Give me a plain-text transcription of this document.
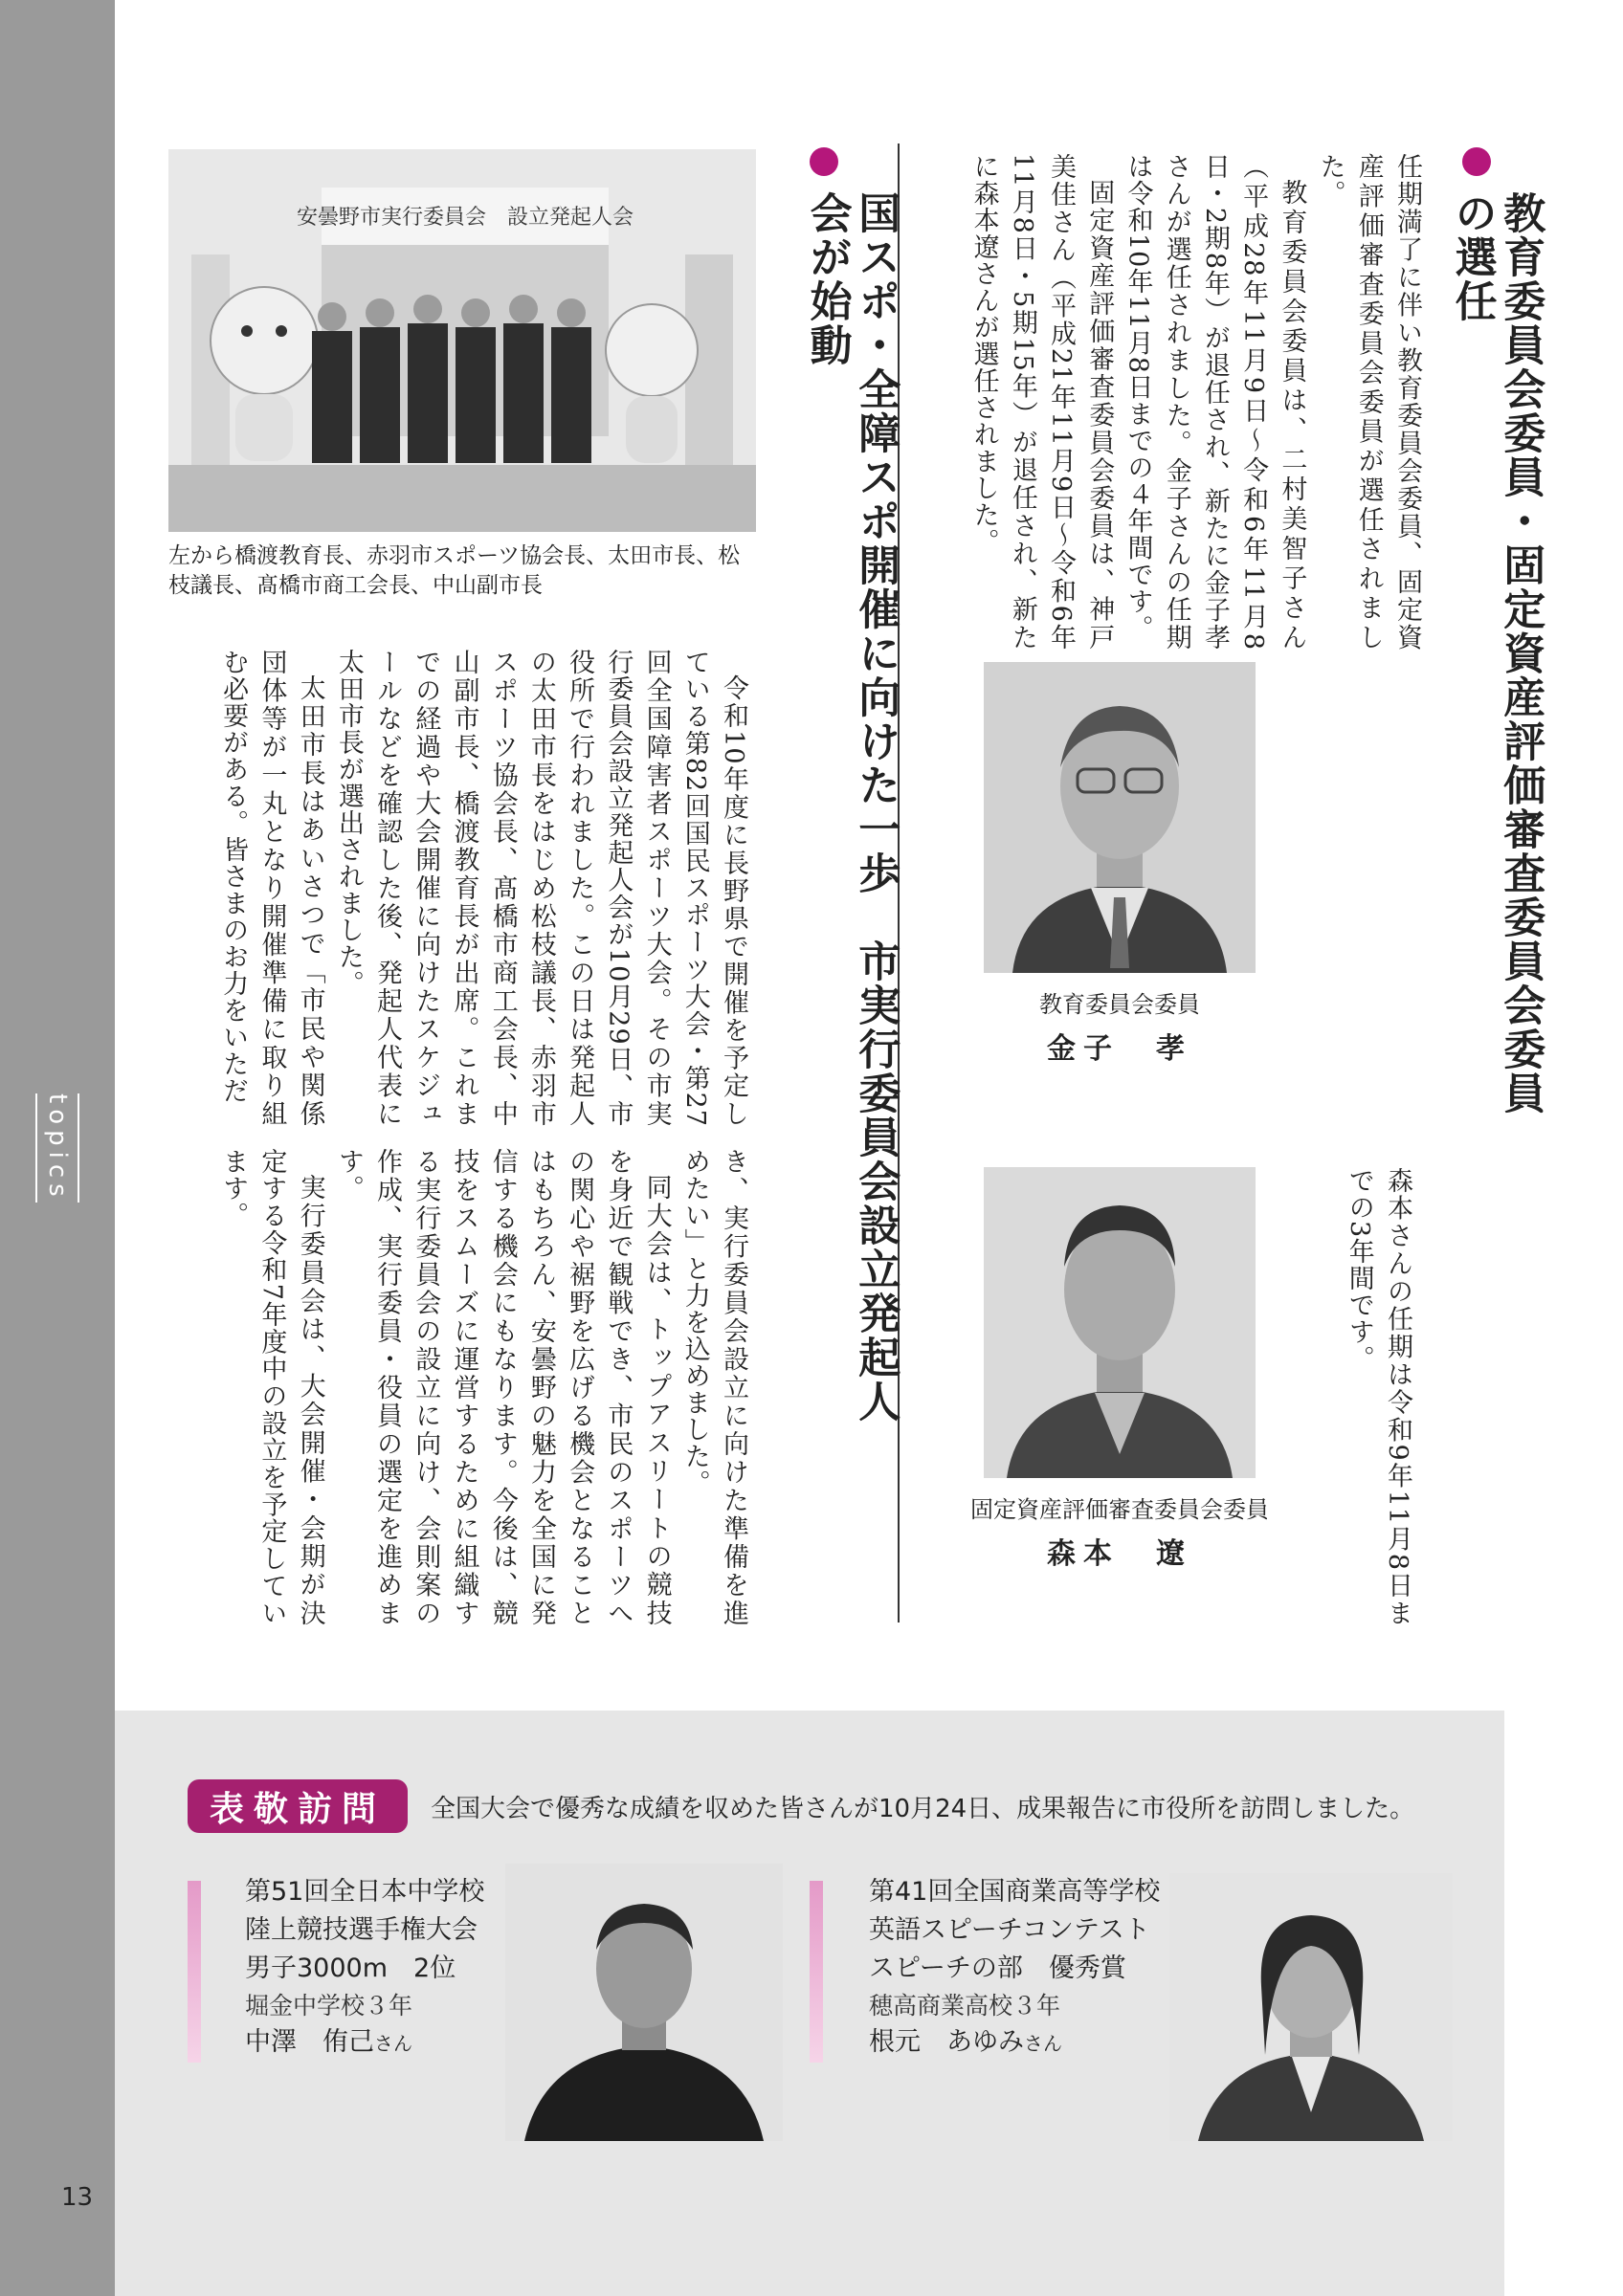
topics
13
教育委員会委員・固定資産評価審査委員会委員の選任

任期満了に伴い教育委員会委員、固定資産評価審査委員会委員が選任されました。

教育委員会委員は、二村美智子さん（平成28年11月9日〜令和6年11月8日・2期8年）が退任され、新たに金子孝さんが選任されました。金子さんの任期は令和10年11月8日までの４年間です。

固定資産評価審査委員会委員は、神戸美佳さん（平成21年11月9日〜令和6年11月8日・5期15年）が退任され、新たに森本遼さんが選任されました。

森本さんの任期は令和9年11月8日までの3年間です。

教育委員会委員
金子　孝
固定資産評価審査委員会委員
森本　遼
国スポ・全障スポ開催に向けた一歩　市実行委員会設立発起人会が始動
安曇野市実行委員会　設立発起人会
左から橋渡教育長、赤羽市スポーツ協会長、太田市長、松枝議長、髙橋市商工会長、中山副市長

令和10年度に長野県で開催を予定している第82回国民スポーツ大会・第27回全国障害者スポーツ大会。その市実行委員会設立発起人会が10月29日、市役所で行われました。この日は発起人の太田市長をはじめ松枝議長、赤羽市スポーツ協会長、髙橋市商工会長、中山副市長、橋渡教育長が出席。これまでの経過や大会開催に向けたスケジュールなどを確認した後、発起人代表に太田市長が選出されました。

太田市長はあいさつで「市民や関係団体等が一丸となり開催準備に取り組む必要がある。皆さまのお力をいただ

き、実行委員会設立に向けた準備を進めたい」と力を込めました。

同大会は、トップアスリートの競技を身近で観戦でき、市民のスポーツへの関心や裾野を広げる機会となることはもちろん、安曇野の魅力を全国に発信する機会にもなります。今後は、競技をスムーズに運営するために組織する実行委員会の設立に向け、会則案の作成、実行委員・役員の選定を進めます。

実行委員会は、大会開催・会期が決定する令和7年度中の設立を予定しています。

表敬訪問	全国大会で優秀な成績を収めた皆さんが10月24日、成果報告に市役所を訪問しました。
第51回全日本中学校
陸上競技選手権大会
男子3000m　2位
堀金中学校３年
中澤　侑己さん
第41回全国商業高等学校
英語スピーチコンテスト
スピーチの部　優秀賞
穂高商業高校３年
根元　あゆみさん
